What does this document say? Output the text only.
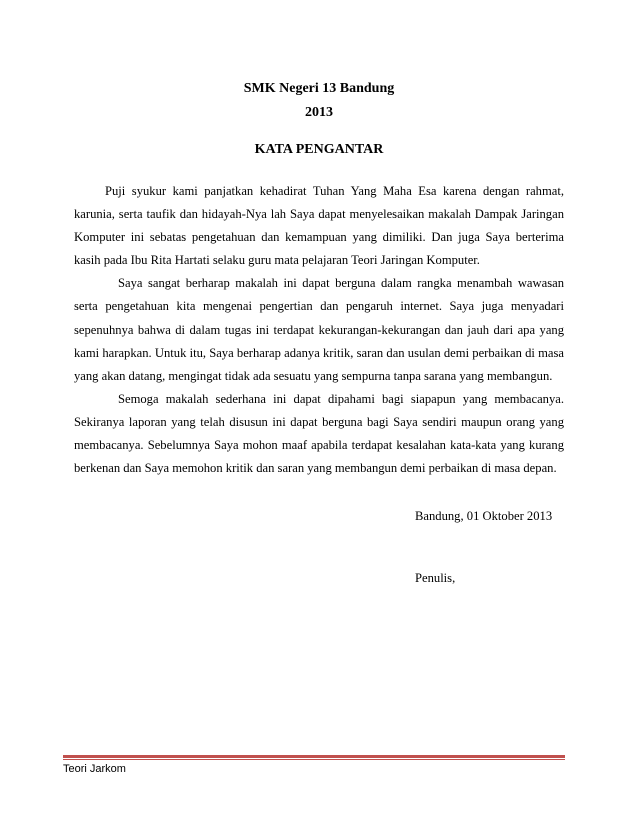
SMK Negeri 13 Bandung
2013
KATA PENGANTAR

Puji syukur kami panjatkan kehadirat Tuhan Yang Maha Esa karena dengan rahmat, karunia, serta taufik dan hidayah-Nya lah Saya dapat menyelesaikan makalah Dampak Jaringan Komputer ini sebatas pengetahuan dan kemampuan yang dimiliki. Dan juga Saya berterima kasih pada Ibu Rita Hartati selaku guru mata pelajaran Teori Jaringan Komputer.

Saya sangat berharap makalah ini dapat berguna dalam rangka menambah wawasan serta pengetahuan kita mengenai pengertian dan pengaruh internet. Saya juga menyadari sepenuhnya bahwa di dalam tugas ini terdapat kekurangan-kekurangan dan jauh dari apa yang kami harapkan. Untuk itu, Saya berharap adanya kritik, saran dan usulan demi perbaikan di masa yang akan datang, mengingat tidak ada sesuatu yang sempurna tanpa sarana yang membangun.

Semoga makalah sederhana ini dapat dipahami bagi siapapun yang membacanya. Sekiranya laporan yang telah disusun ini dapat berguna bagi Saya sendiri maupun orang yang membacanya. Sebelumnya Saya mohon maaf apabila terdapat kesalahan kata-kata yang kurang berkenan dan Saya memohon kritik dan saran yang membangun demi perbaikan di masa depan.

Bandung, 01 Oktober 2013
Penulis,
Teori Jarkom
